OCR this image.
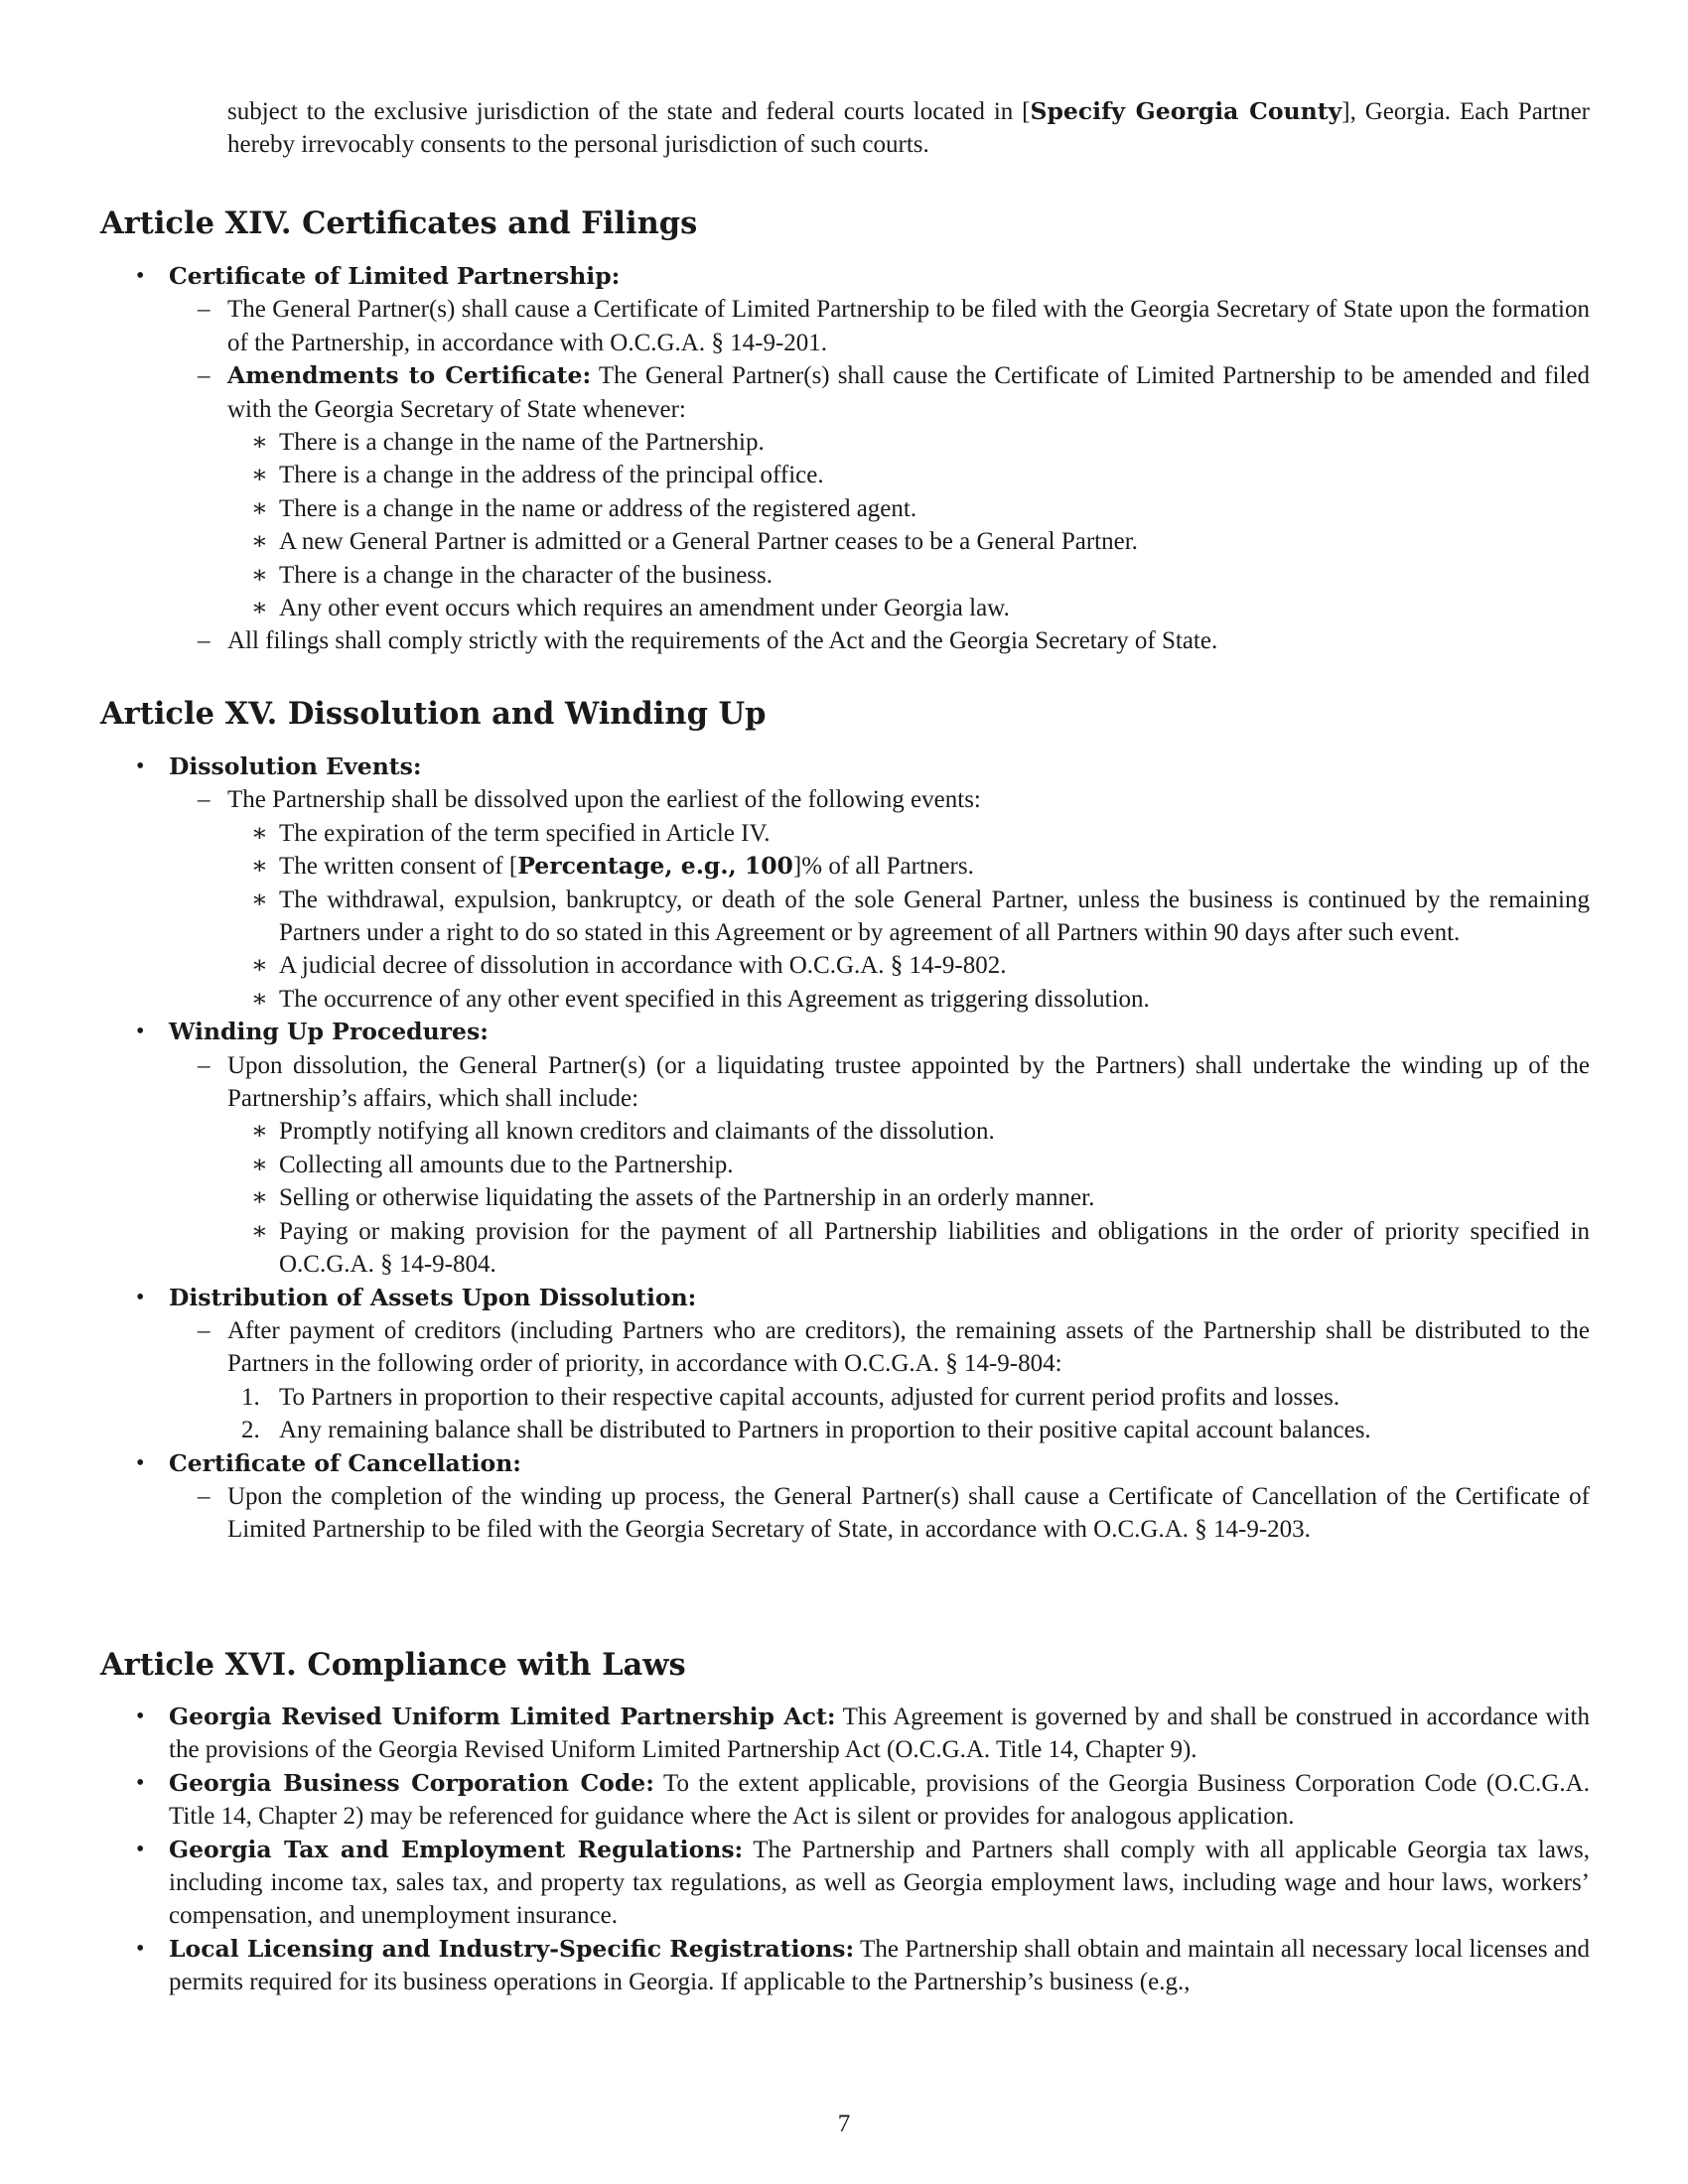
subject to the exclusive jurisdiction of the state and federal courts located in [Specify Georgia County], Georgia. Each Partner hereby irrevocably consents to the personal jurisdiction of such courts.
Article XIV. Certificates and Filings
• Certificate of Limited Partnership:
– The General Partner(s) shall cause a Certificate of Limited Partnership to be filed with the Georgia Secretary of State upon the formation of the Partnership, in accordance with O.C.G.A. § 14-9-201.
– Amendments to Certificate: The General Partner(s) shall cause the Certificate of Limited Partnership to be amended and filed with the Georgia Secretary of State whenever:
∗ There is a change in the name of the Partnership.
∗ There is a change in the address of the principal office.
∗ There is a change in the name or address of the registered agent.
∗ A new General Partner is admitted or a General Partner ceases to be a General Partner.
∗ There is a change in the character of the business.
∗ Any other event occurs which requires an amendment under Georgia law.
– All filings shall comply strictly with the requirements of the Act and the Georgia Secretary of State.
Article XV. Dissolution and Winding Up
• Dissolution Events:
– The Partnership shall be dissolved upon the earliest of the following events:
∗ The expiration of the term specified in Article IV.
∗ The written consent of [Percentage, e.g., 100]% of all Partners.
∗ The withdrawal, expulsion, bankruptcy, or death of the sole General Partner, unless the business is continued by the remaining Partners under a right to do so stated in this Agreement or by agreement of all Partners within 90 days after such event.
∗ A judicial decree of dissolution in accordance with O.C.G.A. § 14-9-802.
∗ The occurrence of any other event specified in this Agreement as triggering dissolution.
• Winding Up Procedures:
– Upon dissolution, the General Partner(s) (or a liquidating trustee appointed by the Partners) shall undertake the winding up of the Partnership’s affairs, which shall include:
∗ Promptly notifying all known creditors and claimants of the dissolution.
∗ Collecting all amounts due to the Partnership.
∗ Selling or otherwise liquidating the assets of the Partnership in an orderly manner.
∗ Paying or making provision for the payment of all Partnership liabilities and obligations in the order of priority specified in O.C.G.A. § 14-9-804.
• Distribution of Assets Upon Dissolution:
– After payment of creditors (including Partners who are creditors), the remaining assets of the Partnership shall be distributed to the Partners in the following order of priority, in accordance with O.C.G.A. § 14-9-804:
1. To Partners in proportion to their respective capital accounts, adjusted for current period profits and losses.
2. Any remaining balance shall be distributed to Partners in proportion to their positive capital account balances.
• Certificate of Cancellation:
– Upon the completion of the winding up process, the General Partner(s) shall cause a Certificate of Cancellation of the Certificate of Limited Partnership to be filed with the Georgia Secretary of State, in accordance with O.C.G.A. § 14-9-203.
Article XVI. Compliance with Laws
• Georgia Revised Uniform Limited Partnership Act: This Agreement is governed by and shall be construed in accordance with the provisions of the Georgia Revised Uniform Limited Partnership Act (O.C.G.A. Title 14, Chapter 9).
• Georgia Business Corporation Code: To the extent applicable, provisions of the Georgia Business Corporation Code (O.C.G.A. Title 14, Chapter 2) may be referenced for guidance where the Act is silent or provides for analogous application.
• Georgia Tax and Employment Regulations: The Partnership and Partners shall comply with all applicable Georgia tax laws, including income tax, sales tax, and property tax regulations, as well as Georgia employment laws, including wage and hour laws, workers’ compensation, and unemployment insurance.
• Local Licensing and Industry-Specific Registrations: The Partnership shall obtain and maintain all necessary local licenses and permits required for its business operations in Georgia. If applicable to the Partnership’s business (e.g.,
7
